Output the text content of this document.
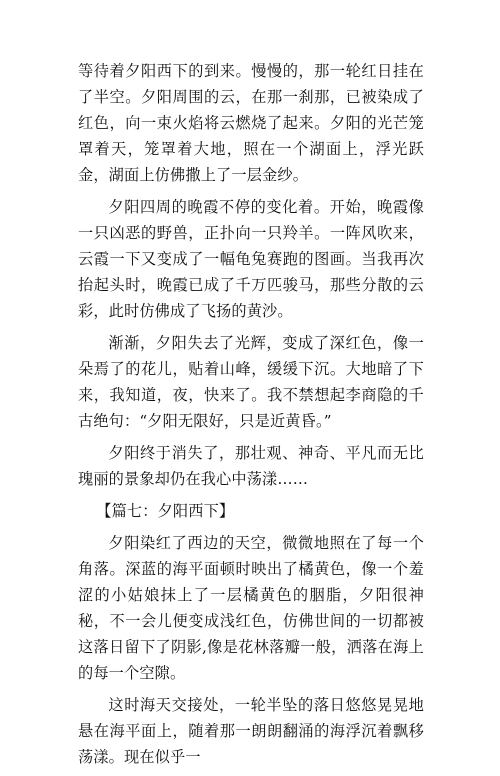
等待着夕阳西下的到来。慢慢的，那一轮红日挂在了半空。夕阳周围的云，在那一刹那，已被染成了红色，向一束火焰将云燃烧了起来。夕阳的光芒笼罩着天，笼罩着大地，照在一个湖面上，浮光跃金，湖面上仿佛撒上了一层金纱。

夕阳四周的晚霞不停的变化着。开始，晚霞像一只凶恶的野兽，正扑向一只羚羊。一阵风吹来，云霞一下又变成了一幅龟兔赛跑的图画。当我再次抬起头时，晚霞已成了千万匹骏马，那些分散的云彩，此时仿佛成了飞扬的黄沙。

渐渐，夕阳失去了光辉，变成了深红色，像一朵焉了的花儿，贴着山峰，缓缓下沉。大地暗了下来，我知道，夜，快来了。我不禁想起李商隐的千古绝句：“夕阳无限好，只是近黄昏。”

夕阳终于消失了，那壮观、神奇、平凡而无比瑰丽的景象却仍在我心中荡漾……

【篇七：夕阳西下】

夕阳染红了西边的天空，微微地照在了每一个角落。深蓝的海平面顿时映出了橘黄色，像一个羞涩的小姑娘抹上了一层橘黄色的胭脂，夕阳很神秘，不一会儿便变成浅红色，仿佛世间的一切都被这落日留下了阴影,像是花林落瓣一般，洒落在海上的每一个空隙。

这时海天交接处，一轮半坠的落日悠悠晃晃地悬在海平面上，随着那一朗朗翻涌的海浮沉着飘移荡漾。现在似乎一
